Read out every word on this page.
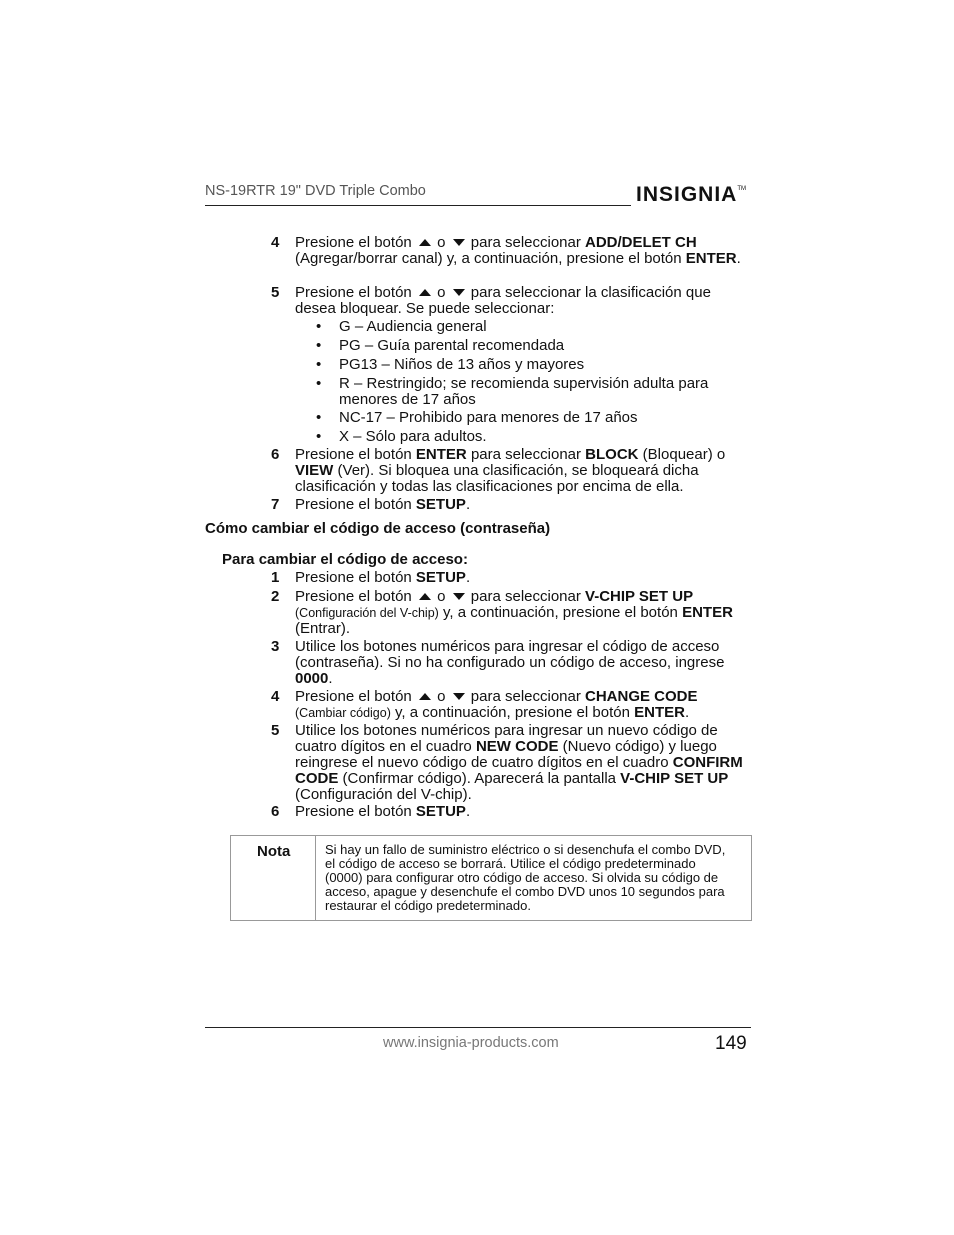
NS-19RTR 19" DVD Triple Combo	INSIGNIA™
4 Presione el botón o para seleccionar ADD/DELET CH (Agregar/borrar canal) y, a continuación, presione el botón ENTER.
5 Presione el botón o para seleccionar la clasificación que desea bloquear. Se puede seleccionar:
• G – Audiencia general
• PG – Guía parental recomendada
• PG13 – Niños de 13 años y mayores
• R – Restringido; se recomienda supervisión adulta para menores de 17 años
• NC-17 – Prohibido para menores de 17 años
• X – Sólo para adultos.
6 Presione el botón ENTER para seleccionar BLOCK (Bloquear) o VIEW (Ver). Si bloquea una clasificación, se bloqueará dicha clasificación y todas las clasificaciones por encima de ella.
7 Presione el botón SETUP.
Cómo cambiar el código de acceso (contraseña)
Para cambiar el código de acceso:
1 Presione el botón SETUP.
2 Presione el botón o para seleccionar V-CHIP SET UP
(Configuración del V-chip) y, a continuación, presione el botón ENTER (Entrar).
3 Utilice los botones numéricos para ingresar el código de acceso (contraseña). Si no ha configurado un código de acceso, ingrese 0000.
4 Presione el botón o para seleccionar CHANGE CODE
(Cambiar código) y, a continuación, presione el botón ENTER.
5 Utilice los botones numéricos para ingresar un nuevo código de cuatro dígitos en el cuadro NEW CODE (Nuevo código) y luego reingrese el nuevo código de cuatro dígitos en el cuadro CONFIRM CODE (Confirmar código). Aparecerá la pantalla V-CHIP SET UP (Configuración del V-chip).
6 Presione el botón SETUP.
Nota	Si hay un fallo de suministro eléctrico o si desenchufa el combo DVD, el código de acceso se borrará. Utilice el código predeterminado (0000) para configurar otro código de acceso. Si olvida su código de acceso, apague y desenchufe el combo DVD unos 10 segundos para restaurar el código predeterminado.
www.insignia-products.com	149
